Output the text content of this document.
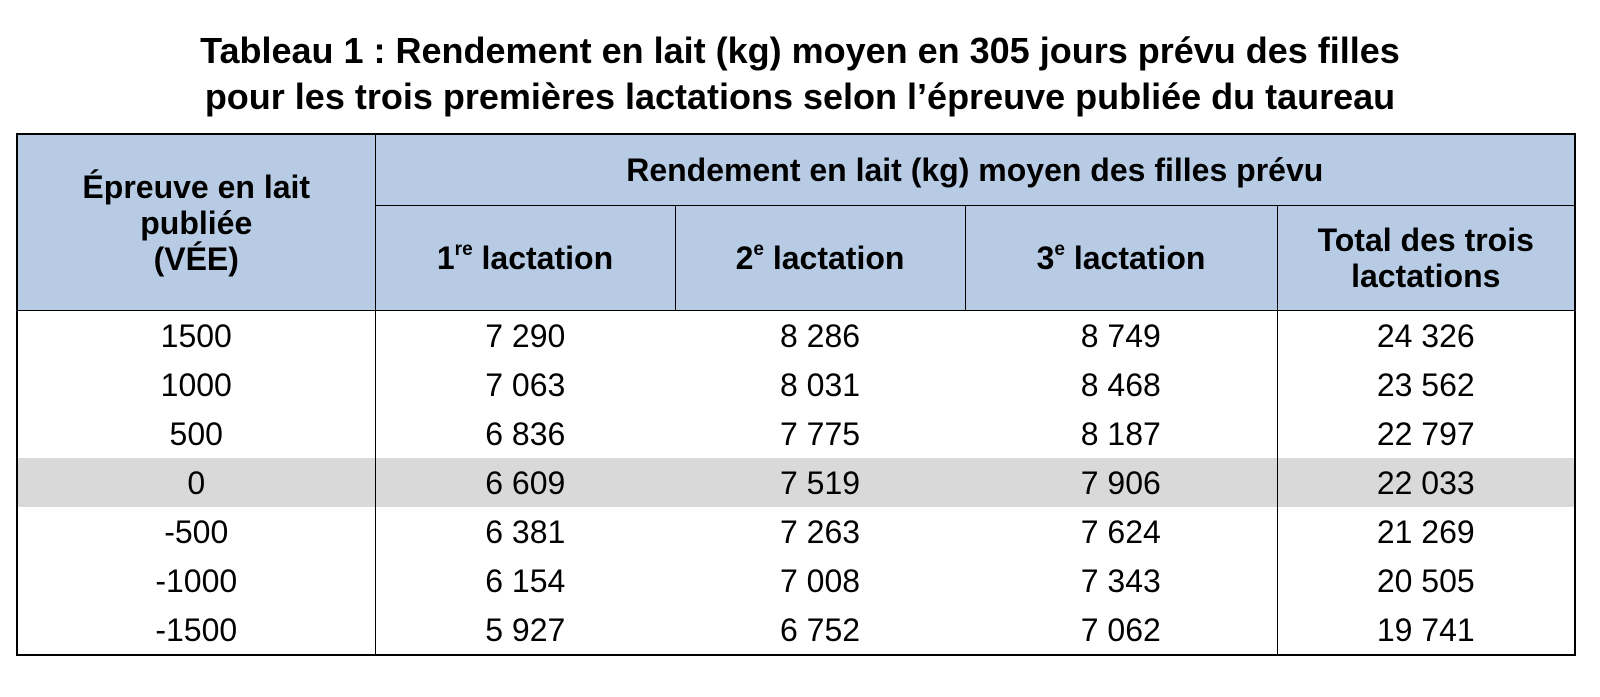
Tableau 1 : Rendement en lait (kg) moyen en 305 jours prévu des filles
pour les trois premières lactations selon l’épreuve publiée du taureau
Épreuve en lait
publiée
(VÉE)	Rendement en lait (kg) moyen des filles prévu			
	1re lactation	2e lactation	3e lactation	Total des trois
lactations

1500	7 290	8 286	8 749	24 326
1000	7 063	8 031	8 468	23 562
500	6 836	7 775	8 187	22 797
0	6 609	7 519	7 906	22 033
-500	6 381	7 263	7 624	21 269
-1000	6 154	7 008	7 343	20 505
-1500	5 927	6 752	7 062	19 741
